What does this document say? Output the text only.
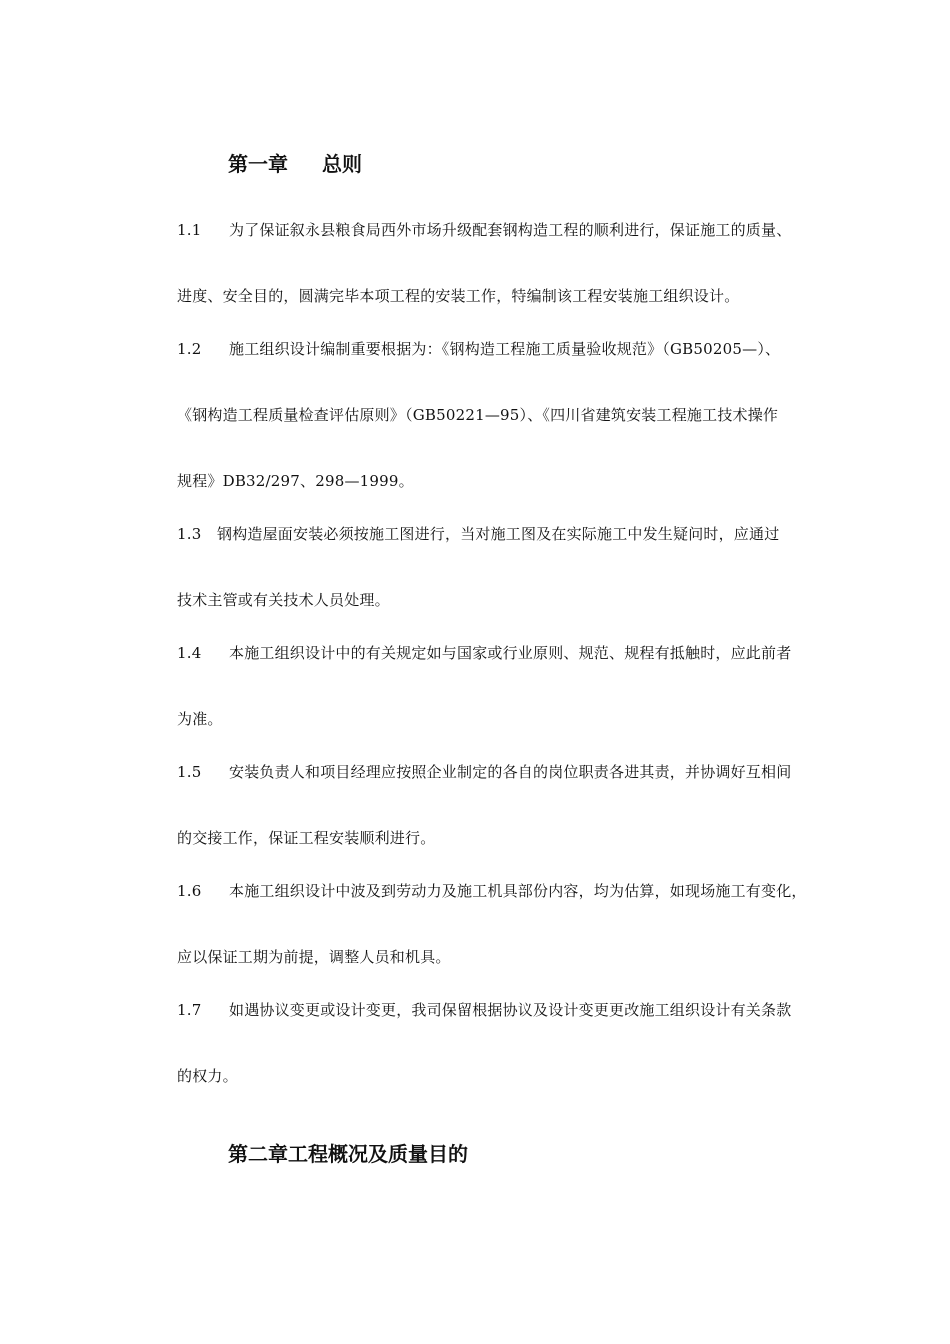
第一章 总则
1.1 为了保证叙永县粮食局西外市场升级配套钢构造工程的顺利进行，保证施工的质量、
进度、安全目的，圆满完毕本项工程的安装工作，特编制该工程安装施工组织设计。
1.2 施工组织设计编制重要根据为：《钢构造工程施工质量验收规范》（GB50205—）、
《钢构造工程质量检查评估原则》（GB50221—95）、《四川省建筑安装工程施工技术操作
规程》DB32/297、298—1999。
1.3 钢构造屋面安装必须按施工图进行，当对施工图及在实际施工中发生疑问时，应通过
技术主管或有关技术人员处理。
1.4 本施工组织设计中的有关规定如与国家或行业原则、规范、规程有抵触时，应此前者
为准。
1.5 安装负责人和项目经理应按照企业制定的各自的岗位职责各进其责，并协调好互相间
的交接工作，保证工程安装顺利进行。
1.6 本施工组织设计中波及到劳动力及施工机具部份内容，均为估算，如现场施工有变化，
应以保证工期为前提，调整人员和机具。
1.7 如遇协议变更或设计变更，我司保留根据协议及设计变更更改施工组织设计有关条款
的权力。
第二章工程概况及质量目的
